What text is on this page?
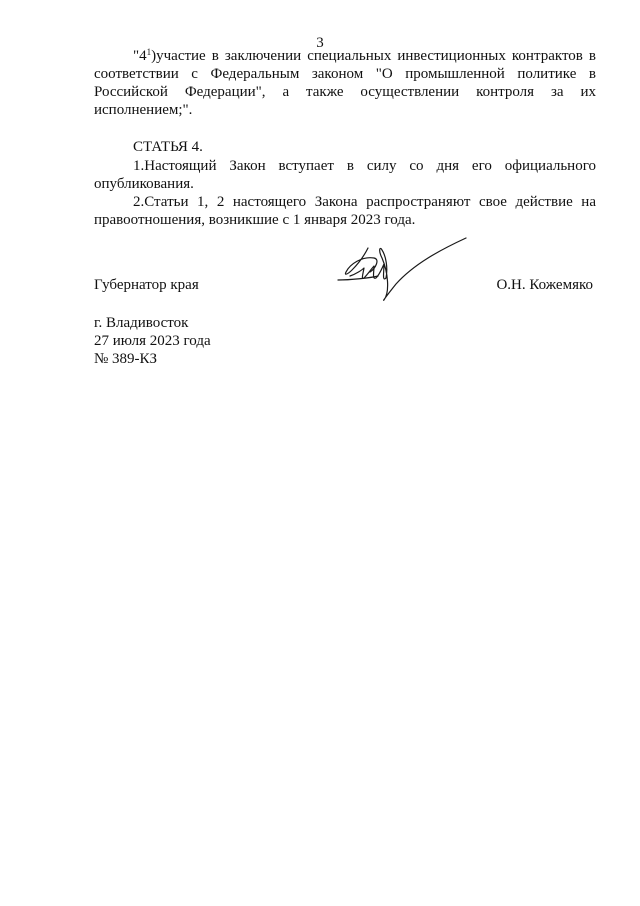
3

"$4^1)участие$ в заключении специальных инвестиционных контрактов в соответствии с Федеральным законом "О промышленной политике в Российской Федерации", а также осуществлении контроля за их исполнением;".

СТАТЬЯ 4.

1.Настоящий Закон вступает в силу со дня его официального опубликования.

2.Статьи 1, 2 настоящего Закона распространяют свое действие на правоотношения, возникшие с 1 января 2023 года.

Губернатор края	О.Н. Кожемяко
г. Владивосток
27 июля 2023 года
№ 389-КЗ
